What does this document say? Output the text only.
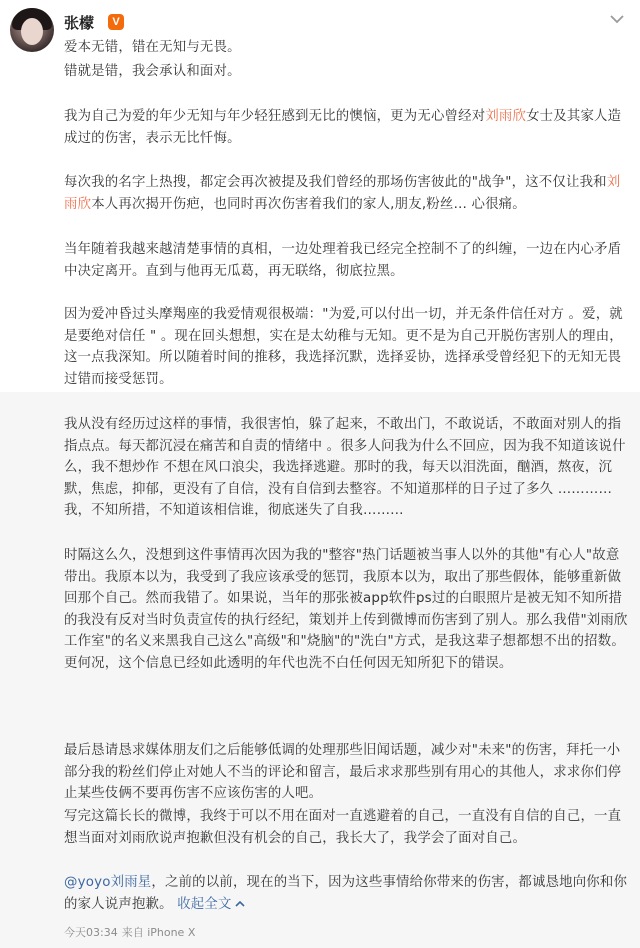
张檬	V

爱本无错，错在无知与无畏。

错就是错，我会承认和面对。

我为自己为爱的年少无知与年少轻狂感到无比的懊恼，更为无心曾经对刘雨欣女士及其家人造成过的伤害，表示无比忏悔。

每次我的名字上热搜，都定会再次被提及我们曾经的那场伤害彼此的"战争"，这不仅让我和刘雨欣本人再次揭开伤疤，也同时再次伤害着我们的家人,朋友,粉丝… 心很痛。

当年随着我越来越清楚事情的真相，一边处理着我已经完全控制不了的纠缠，一边在内心矛盾中决定离开。直到与他再无瓜葛，再无联络，彻底拉黑。

因为爱冲昏过头摩羯座的我爱情观很极端："为爱,可以付出一切，并无条件信任对方 。爱，就是要绝对信任 " 。现在回头想想，实在是太幼稚与无知。更不是为自己开脱伤害别人的理由，这一点我深知。所以随着时间的推移，我选择沉默，选择妥协，选择承受曾经犯下的无知无畏过错而接受惩罚。

我从没有经历过这样的事情，我很害怕，躲了起来，不敢出门，不敢说话，不敢面对别人的指指点点。每天都沉浸在痛苦和自责的情绪中 。很多人问我为什么不回应，因为我不知道该说什么，我不想炒作 不想在风口浪尖，我选择逃避。那时的我，每天以泪洗面，酗酒，熬夜，沉默，焦虑，抑郁，更没有了自信，没有自信到去整容。不知道那样的日子过了多久 …………我，不知所措，不知道该相信谁，彻底迷失了自我………

时隔这么久，没想到这件事情再次因为我的"整容"热门话题被当事人以外的其他"有心人"故意带出。我原本以为，我受到了我应该承受的惩罚，我原本以为，取出了那些假体，能够重新做回那个自己。然而我错了。如果说，当年的那张被app软件ps过的白眼照片是被无知不知所措的我没有反对当时负责宣传的执行经纪，策划并上传到微博而伤害到了别人。那么我借"刘雨欣工作室"的名义来黑我自己这么"高级"和"烧脑"的"洗白"方式，是我这辈子想都想不出的招数。更何况，这个信息已经如此透明的年代也洗不白任何因无知所犯下的错误。

最后恳请恳求媒体朋友们之后能够低调的处理那些旧闻话题，减少对"未来"的伤害，拜托一小部分我的粉丝们停止对她人不当的评论和留言，最后求求那些别有用心的其他人，求求你们停止某些伎俩不要再伤害不应该伤害的人吧。

写完这篇长长的微博，我终于可以不用在面对一直逃避着的自己，一直没有自信的自己，一直想当面对刘雨欣说声抱歉但没有机会的自己，我长大了，我学会了面对自己。

@yoyo刘雨星，之前的以前，现在的当下，因为这些事情给你带来的伤害，都诚恳地向你和你的家人说声抱歉。 收起全文

今天03:34 来自 iPhone X
